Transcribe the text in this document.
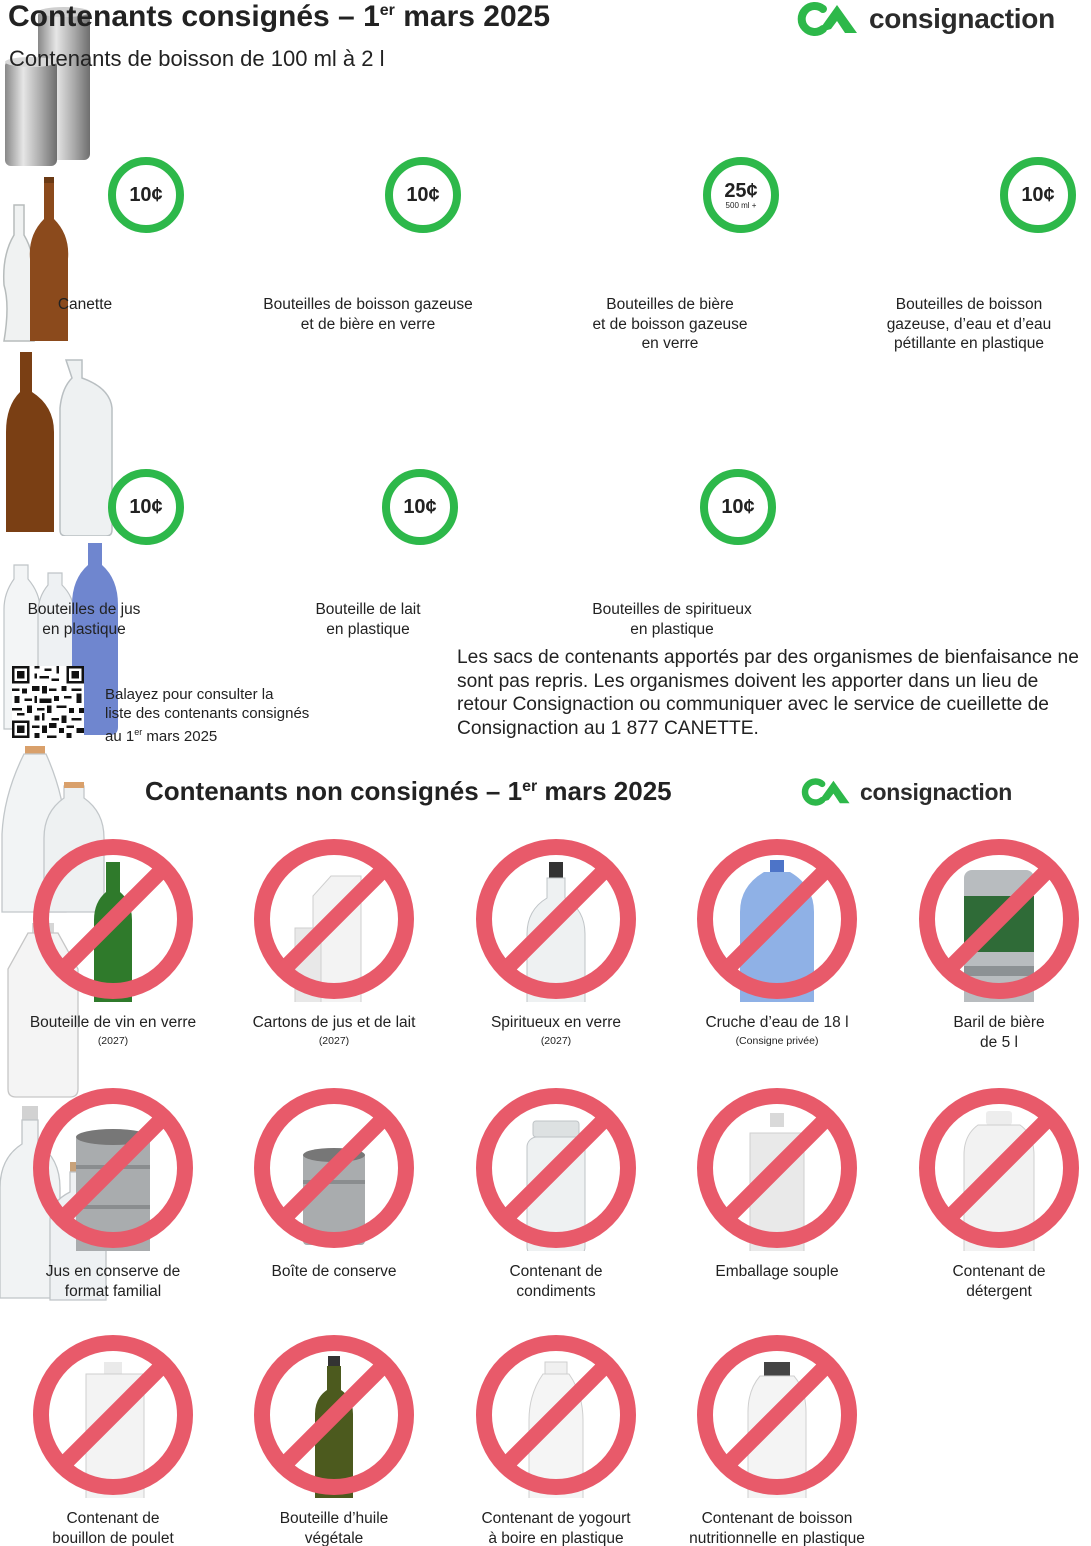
Contenants consignés – 1er mars 2025
Contenants de boisson de 100 ml à 2 l
consignaction
10¢
Canette
10¢
Bouteilles de boisson gazeuse
et de bière en verre
25¢
500 ml +
Bouteilles de bière
et de boisson gazeuse
en verre
10¢
Bouteilles de boisson
gazeuse, d’eau et d’eau
pétillante en plastique
10¢
Bouteilles de jus
en plastique
10¢
Bouteille de lait
en plastique
10¢
Bouteilles de spiritueux
en plastique
Balayez pour consulter la
liste des contenants consignés
au 1er mars 2025
Les sacs de contenants apportés par des organismes de bienfaisance ne sont pas repris. Les organismes doivent les apporter dans un lieu de retour Consignaction ou communiquer avec le service de cueillette de Consignaction au 1 877 CANETTE.
Contenants non consignés – 1er mars 2025	consignaction
Bouteille de vin en verre
(2027)
Cartons de jus et de lait
(2027)
Spiritueux en verre
(2027)
Cruche d’eau de 18 l
(Consigne privée)
Baril de bière
de 5 l
Jus en conserve de
format familial
Boîte de conserve	Contenant de
condiments
Emballage souple	Contenant de
détergent
Contenant de
bouillon de poulet
Bouteille d’huile
végétale
Contenant de yogourt
à boire en plastique
Contenant de boisson
nutritionnelle en plastique
